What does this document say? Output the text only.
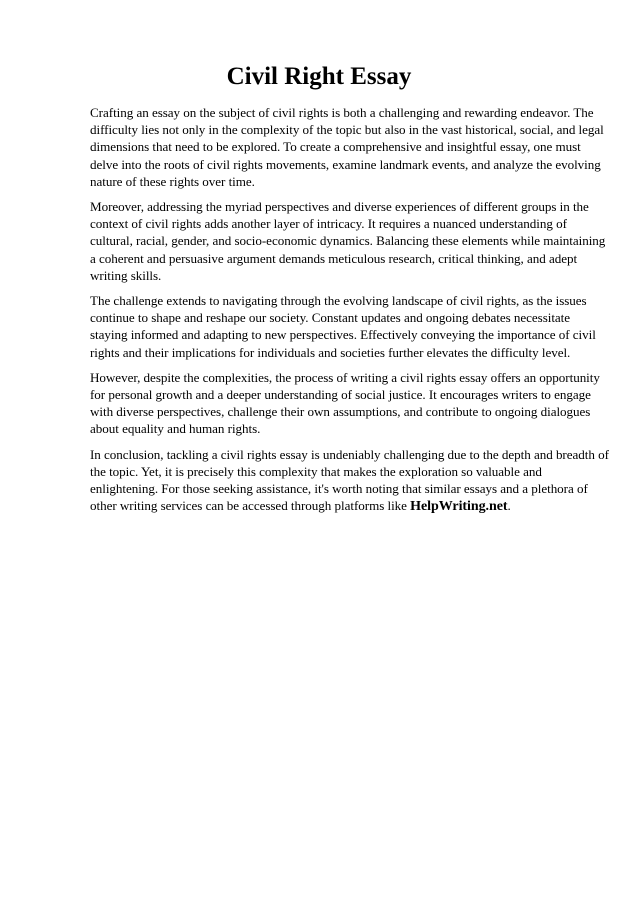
Civil Right Essay

Crafting an essay on the subject of civil rights is both a challenging and rewarding endeavor. The difficulty lies not only in the complexity of the topic but also in the vast historical, social, and legal dimensions that need to be explored. To create a comprehensive and insightful essay, one must delve into the roots of civil rights movements, examine landmark events, and analyze the evolving nature of these rights over time.

Moreover, addressing the myriad perspectives and diverse experiences of different groups in the context of civil rights adds another layer of intricacy. It requires a nuanced understanding of cultural, racial, gender, and socio-economic dynamics. Balancing these elements while maintaining a coherent and persuasive argument demands meticulous research, critical thinking, and adept writing skills.

The challenge extends to navigating through the evolving landscape of civil rights, as the issues continue to shape and reshape our society. Constant updates and ongoing debates necessitate staying informed and adapting to new perspectives. Effectively conveying the importance of civil rights and their implications for individuals and societies further elevates the difficulty level.

However, despite the complexities, the process of writing a civil rights essay offers an opportunity for personal growth and a deeper understanding of social justice. It encourages writers to engage with diverse perspectives, challenge their own assumptions, and contribute to ongoing dialogues about equality and human rights.

In conclusion, tackling a civil rights essay is undeniably challenging due to the depth and breadth of the topic. Yet, it is precisely this complexity that makes the exploration so valuable and enlightening. For those seeking assistance, it's worth noting that similar essays and a plethora of other writing services can be accessed through platforms like HelpWriting.net.
